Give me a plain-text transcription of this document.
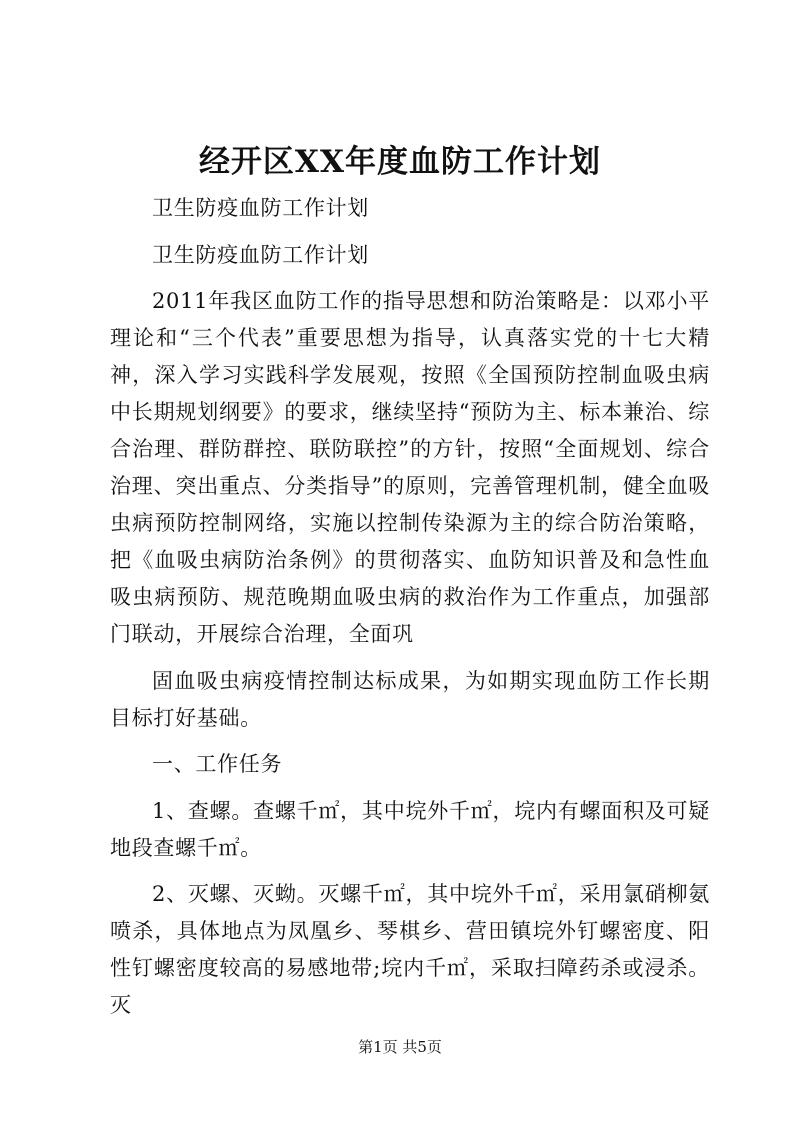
经开区XX年度血防工作计划

卫生防疫血防工作计划

卫生防疫血防工作计划

2011年我区血防工作的指导思想和防治策略是：以邓小平理论和“三个代表”重要思想为指导，认真落实党的十七大精神，深入学习实践科学发展观，按照《全国预防控制血吸虫病中长期规划纲要》的要求，继续坚持“预防为主、标本兼治、综合治理、群防群控、联防联控”的方针，按照“全面规划、综合治理、突出重点、分类指导”的原则，完善管理机制，健全血吸虫病预防控制网络，实施以控制传染源为主的综合防治策略，把《血吸虫病防治条例》的贯彻落实、血防知识普及和急性血吸虫病预防、规范晚期血吸虫病的救治作为工作重点，加强部门联动，开展综合治理，全面巩

固血吸虫病疫情控制达标成果，为如期实现血防工作长期目标打好基础。

一、工作任务

1、查螺。查螺千㎡，其中垸外千㎡，垸内有螺面积及可疑地段查螺千㎡。

2、灭螺、灭蚴。灭螺千㎡，其中垸外千㎡，采用氯硝柳氨喷杀，具体地点为凤凰乡、琴棋乡、营田镇垸外钉螺密度、阳性钉螺密度较高的易感地带;垸内千㎡，采取扫障药杀或浸杀。灭

第1页 共5页
